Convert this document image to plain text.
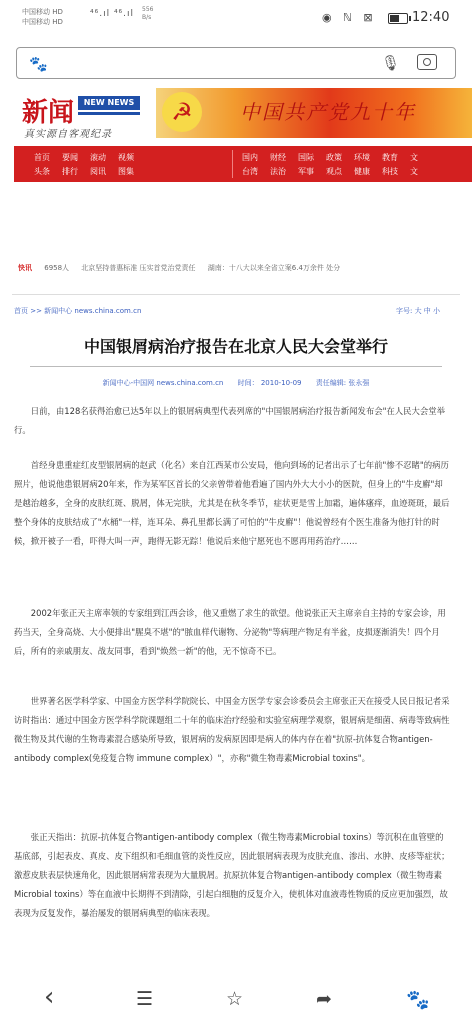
中国移动 HD
中国移动 HD
⁴⁶.ıl ⁴⁶.ıl 556
B/s	◉ ℕ ⊠	12:40
🐾	🎙
新闻	NEW NEWS
真实源自客观纪录
☭	中国共产党九十年
首页 要闻 滚动 视频	国内 财经 国际 政策 环境 教育 文
头条 排行 阅讯 图集	台湾 法治 军事 观点 健康 科技 文
快讯 6958人 北京坚持普惠标准 压实首党治党责任 湖南：十八大以来全省立案6.4万余件 处分
首页 >> 新闻中心 news.china.com.cn	字号: 大 中 小
中国银屑病治疗报告在北京人民大会堂举行
新闻中心-中国网 news.china.com.cn 时间： 2010-10-09 责任编辑: 张永强

日前，由128名获得治愈已达5年以上的银屑病典型代表列席的"中国银屑病治疗报告新闻发布会"在人民大会堂举行。

首经身患重症红皮型银屑病的赵武（化名）来自江西某市公安局，他向到场的记者出示了七年前"惨不忍睹"的病历照片，他说他患银屑病20年来，作为某军区首长的父亲曾带着他看遍了国内外大大小小的医院，但身上的"牛皮廯"却是越治越多，全身的皮肤红斑、脱屑，体无完肤，尤其是在秋冬季节，症状更是雪上加霜，遍体瘙痒，血迹斑斑，最后整个身体的皮肤结成了"水桶"一样，连耳朵、鼻孔里都长满了可怕的"牛皮廯"！他说曾经有个医生准备为他打针的时候，掀开被子一看，吓得大叫一声，跑得无影无踪！他说后来他宁愿死也不愿再用药治疗……

2002年张正天主席率领的专家组到江西会诊，他又重燃了求生的欲望。他说张正天主席亲自主持的专家会诊，用药当天，全身高烧、大小便排出"腥臭不堪"的"脓血样代谢物、分泌物"等病理产物足有半盆，皮损逐渐消失！四个月后，所有的亲戚朋友、战友同事，看到"焕然一新"的他，无不惊奇不已。

世界著名医学科学家、中国金方医学科学院院长、中国金方医学专家会诊委员会主席张正天在接受人民日报记者采访时指出：通过中国金方医学科学院课题组二十年的临床治疗经验和实验室病理学观察，银屑病是细菌、病毒等致病性微生物及其代谢的生物毒素混合感染所导致，银屑病的发病原因即是病人的体内存在着"抗原-抗体复合物antigen-antibody complex(免疫复合物 immune complex）"，亦称"微生物毒素Microbial toxins"。

张正天指出：抗原-抗体复合物antigen-antibody complex（微生物毒素Microbial toxins）等沉积在血管壁的基底部，引起表皮、真皮、皮下组织和毛细血管的炎性反应，因此银屑病表现为皮肤充血、渗出、水肿、皮疹等症状；激惹皮肤表层快速角化，因此银屑病常表现为大量脱屑。抗原抗体复合物antigen-antibody complex（微生物毒素Microbial toxins）等在血液中长期得不到清除，引起白细胞的反复介入，使机体对血液毒性物质的反应更加强烈，故表现为反复发作，暴治屡发的银屑病典型的临床表现。

‹	☰	☆	➦	🐾
